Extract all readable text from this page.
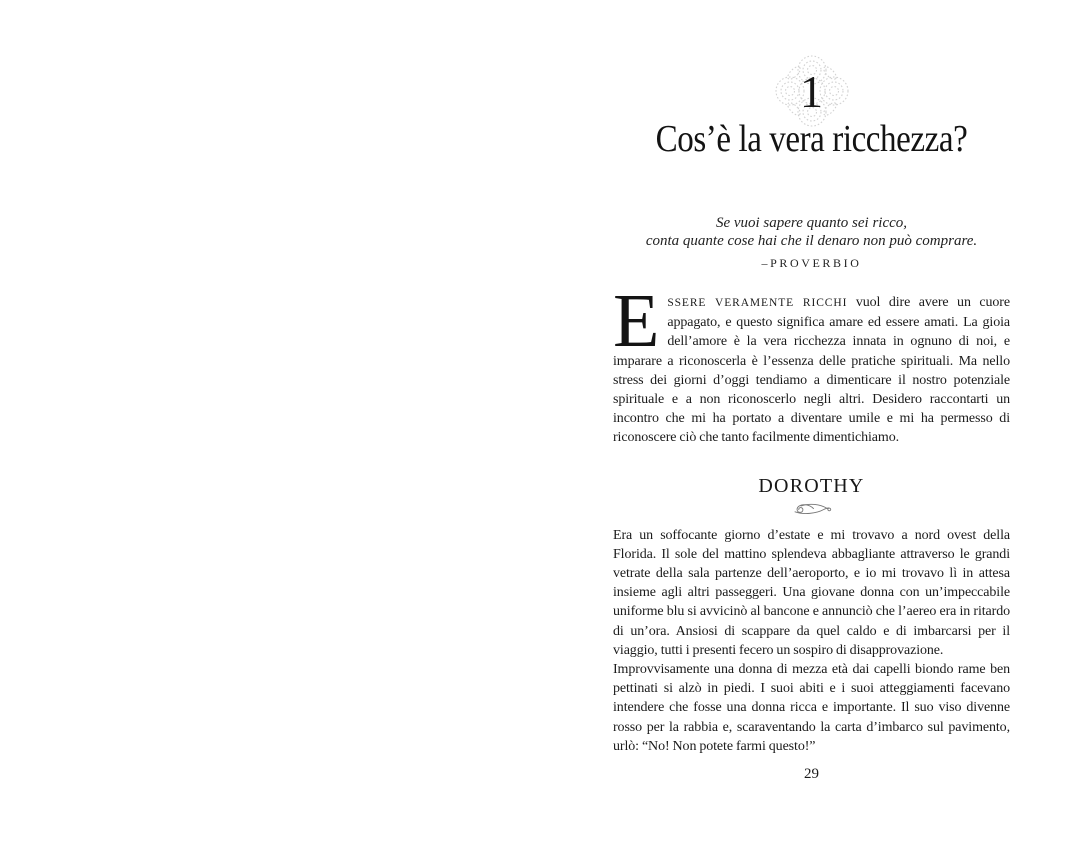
1
Cos’è la vera ricchezza?
Se vuoi sapere quanto sei ricco,
conta quante cose hai che il denaro non può comprare.
–PROVERBIO

ESSERE VERAMENTE RICCHI vuol dire avere un cuore appagato, e questo significa amare ed essere amati. La gioia dell’amore è la vera ricchezza innata in ognuno di noi, e imparare a riconoscerla è l’essenza delle pratiche spirituali. Ma nello stress dei giorni d’oggi tendiamo a dimenticare il nostro potenziale spirituale e a non riconoscerlo negli altri. Desidero raccontarti un incontro che mi ha portato a diventare umile e mi ha permesso di riconoscere ciò che tanto facilmente dimentichiamo.

DOROTHY

Era un soffocante giorno d’estate e mi trovavo a nord ovest della Florida. Il sole del mattino splendeva abbagliante attraverso le grandi vetrate della sala partenze dell’aeroporto, e io mi trovavo lì in attesa insieme agli altri passeggeri. Una giovane donna con un’impeccabile uniforme blu si avvicinò al bancone e annunciò che l’aereo era in ritardo di un’ora. Ansiosi di scappare da quel caldo e di imbarcarsi per il viaggio, tutti i presenti fecero un sospiro di disapprovazione.

Improvvisamente una donna di mezza età dai capelli biondo rame ben pettinati si alzò in piedi. I suoi abiti e i suoi atteggiamenti facevano intendere che fosse una donna ricca e importante. Il suo viso divenne rosso per la rabbia e, scaraventando la carta d’imbarco sul pavimento, urlò: “No! Non potete farmi questo!”

29
